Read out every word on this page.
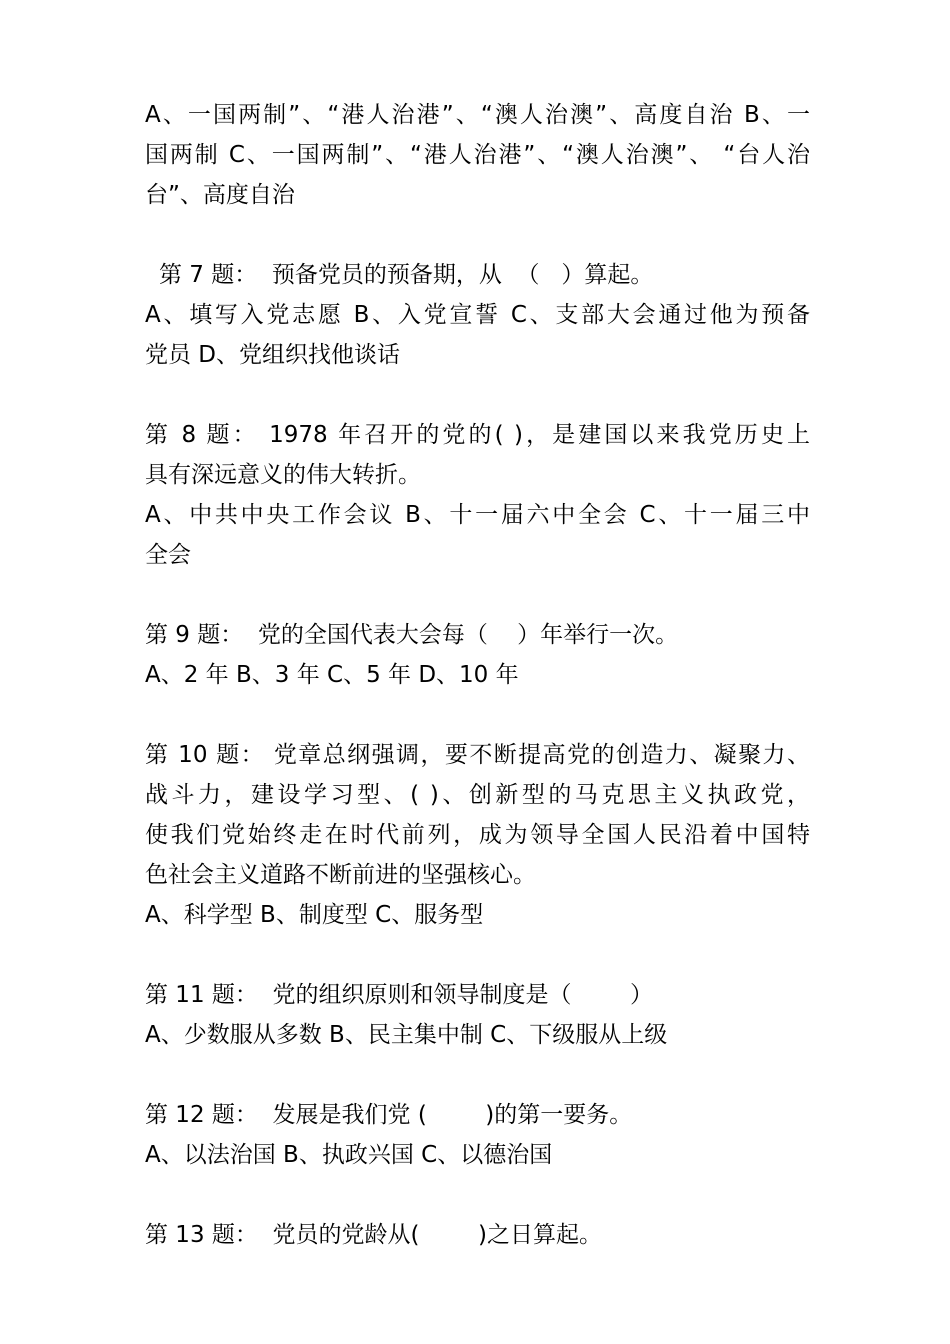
A、一国两制”、“港人治港”、“澳人治澳”、高度自治 B、一
国两制 C、一国两制”、“港人治港”、“澳人治澳”、 “台人治
台”、高度自治
第 7 题：  预备党员的预备期，从  （   ）算起。
A、填写入党志愿 B、入党宣誓 C、支部大会通过他为预备
党员 D、党组织找他谈话
第 8 题： 1978 年召开的党的( )，是建国以来我党历史上
具有深远意义的伟大转折。
A、中共中央工作会议 B、十一届六中全会 C、十一届三中
全会
第 9 题：  党的全国代表大会每（    ）年举行一次。
A、2 年 B、3 年 C、5 年 D、10 年
第 10 题： 党章总纲强调，要不断提高党的创造力、凝聚力、
战斗力，建设学习型、( )、创新型的马克思主义执政党，
使我们党始终走在时代前列，成为领导全国人民沿着中国特
色社会主义道路不断前进的坚强核心。
A、科学型 B、制度型 C、服务型
第 11 题：  党的组织原则和领导制度是（        ）
A、少数服从多数 B、民主集中制 C、下级服从上级
第 12 题：  发展是我们党 (        )的第一要务。
A、以法治国 B、执政兴国 C、以德治国
第 13 题：  党员的党龄从(        )之日算起。
